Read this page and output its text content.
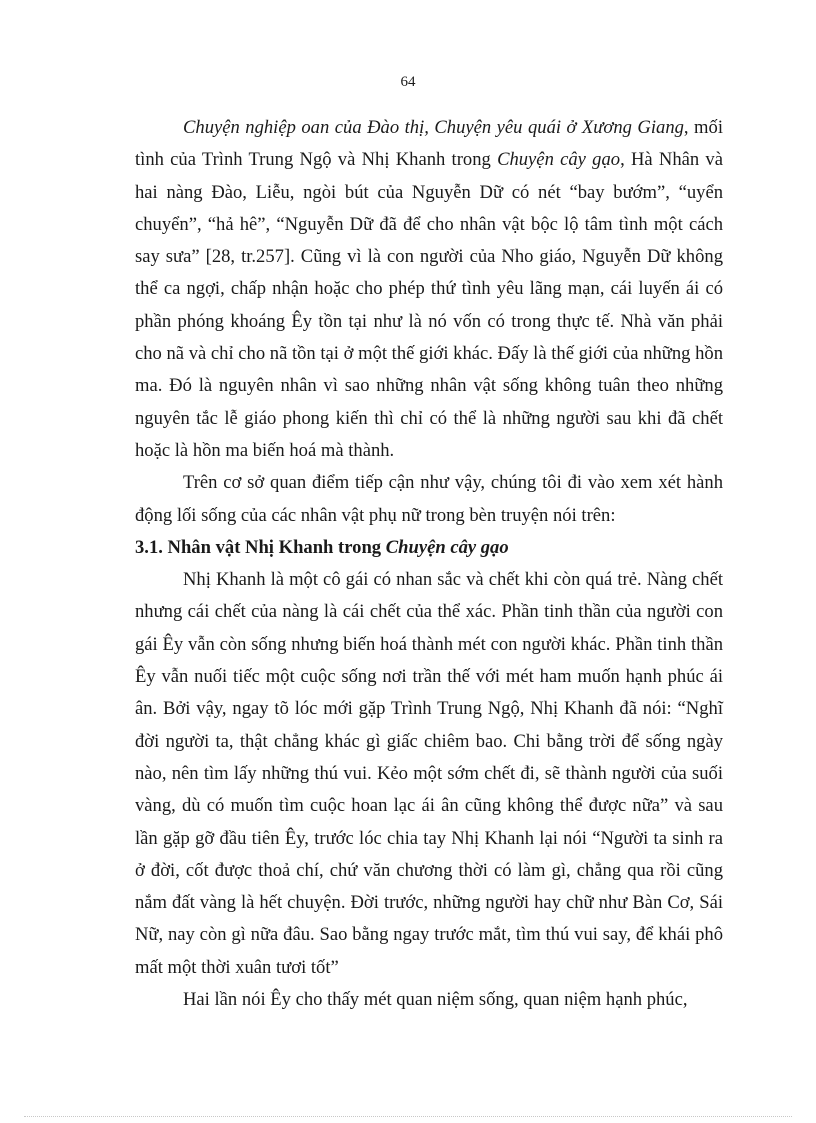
64

Chuyện nghiệp oan của Đào thị, Chuyện yêu quái ở Xương Giang, mối tình của Trình Trung Ngộ và Nhị Khanh trong Chuyện cây gạo, Hà Nhân và hai nàng Đào, Liễu, ngòi bút của Nguyễn Dữ có nét “bay bướm”, “uyển chuyển”, “hả hê”, “Nguyễn Dữ đã để cho nhân vật bộc lộ tâm tình một cách say sưa” [28, tr.257]. Cũng vì là con người của Nho giáo, Nguyễn Dữ không thể ca ngợi, chấp nhận hoặc cho phép thứ tình yêu lãng mạn, cái luyến ái có phần phóng khoáng Êy tồn tại như là nó vốn có trong thực tế. Nhà văn phải cho nã và chỉ cho nã tồn tại ở một thế giới khác. Đấy là thế giới của những hồn ma. Đó là nguyên nhân vì sao những nhân vật sống không tuân theo những nguyên tắc lễ giáo phong kiến thì chỉ có thể là những người sau khi đã chết hoặc là hồn ma biến hoá mà thành.

Trên cơ sở quan điểm tiếp cận như vậy, chúng tôi đi vào xem xét hành động lối sống của các nhân vật phụ nữ trong bèn truyện nói trên:

3.1. Nhân vật Nhị Khanh trong Chuyện cây gạo

Nhị Khanh là một cô gái có nhan sắc và chết khi còn quá trẻ. Nàng chết nhưng cái chết của nàng là cái chết của thể xác. Phần tinh thần của người con gái Êy vẫn còn sống nhưng biến hoá thành mét con người khác. Phần tinh thần Êy vẫn nuối tiếc một cuộc sống nơi trần thế với mét ham muốn hạnh phúc ái ân. Bởi vậy, ngay tõ lóc mới gặp Trình Trung Ngộ, Nhị Khanh đã nói: “Nghĩ đời người ta, thật chẳng khác gì giấc chiêm bao. Chi bằng trời để sống ngày nào, nên tìm lấy những thú vui. Kẻo một sớm chết đi, sẽ thành người của suối vàng, dù có muốn tìm cuộc hoan lạc ái ân cũng không thể được nữa” và sau lần gặp gỡ đầu tiên Êy, trước lóc chia tay Nhị Khanh lại nói “Người ta sinh ra ở đời, cốt được thoả chí, chứ văn chương thời có làm gì, chẳng qua rồi cũng nắm đất vàng là hết chuyện. Đời trước, những người hay chữ như Bàn Cơ, Sái Nữ, nay còn gì nữa đâu. Sao bằng ngay trước mắt, tìm thú vui say, để khái phô mất một thời xuân tươi tốt”

Hai lần nói Êy cho thấy mét quan niệm sống, quan niệm hạnh phúc,
